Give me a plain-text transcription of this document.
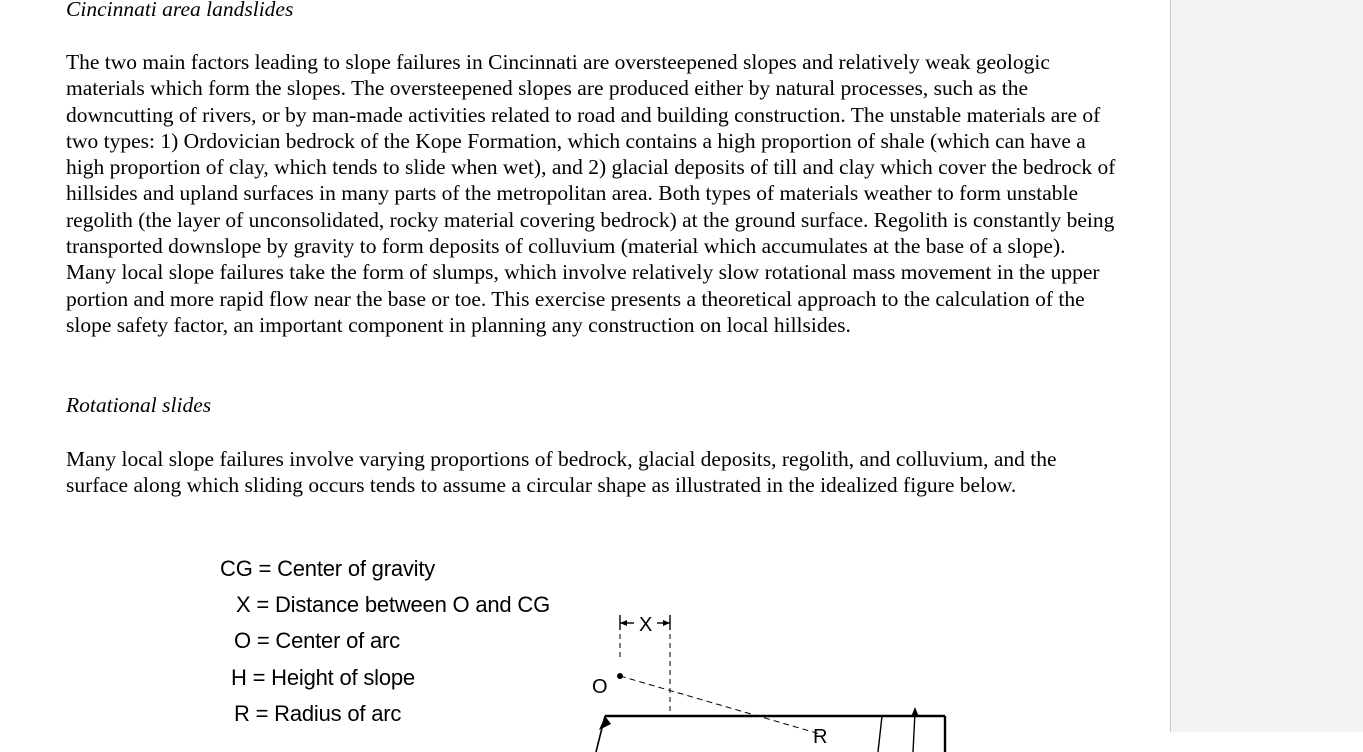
Cincinnati area landslides
The two main factors leading to slope failures in Cincinnati are oversteepened slopes and relatively weak geologic materials which form the slopes. The oversteepened slopes are produced either by natural processes, such as the downcutting of rivers, or by man-made activities related to road and building construction. The unstable materials are of two types: 1) Ordovician bedrock of the Kope Formation, which contains a high proportion of shale (which can have a high proportion of clay, which tends to slide when wet), and 2) glacial deposits of till and clay which cover the bedrock of hillsides and upland surfaces in many parts of the metropolitan area. Both types of materials weather to form unstable regolith (the layer of unconsolidated, rocky material covering bedrock) at the ground surface. Regolith is constantly being transported downslope by gravity to form deposits of colluvium (material which accumulates at the base of a slope). Many local slope failures take the form of slumps, which involve relatively slow rotational mass movement in the upper portion and more rapid flow near the base or toe. This exercise presents a theoretical approach to the calculation of the slope safety factor, an important component in planning any construction on local hillsides.
Rotational slides
Many local slope failures involve varying proportions of bedrock, glacial deposits, regolith, and colluvium, and the surface along which sliding occurs tends to assume a circular shape as illustrated in the idealized figure below.
CG = Center of gravity
X = Distance between O and CG
O = Center of arc
H = Height of slope
R = Radius of arc
X
O
R
